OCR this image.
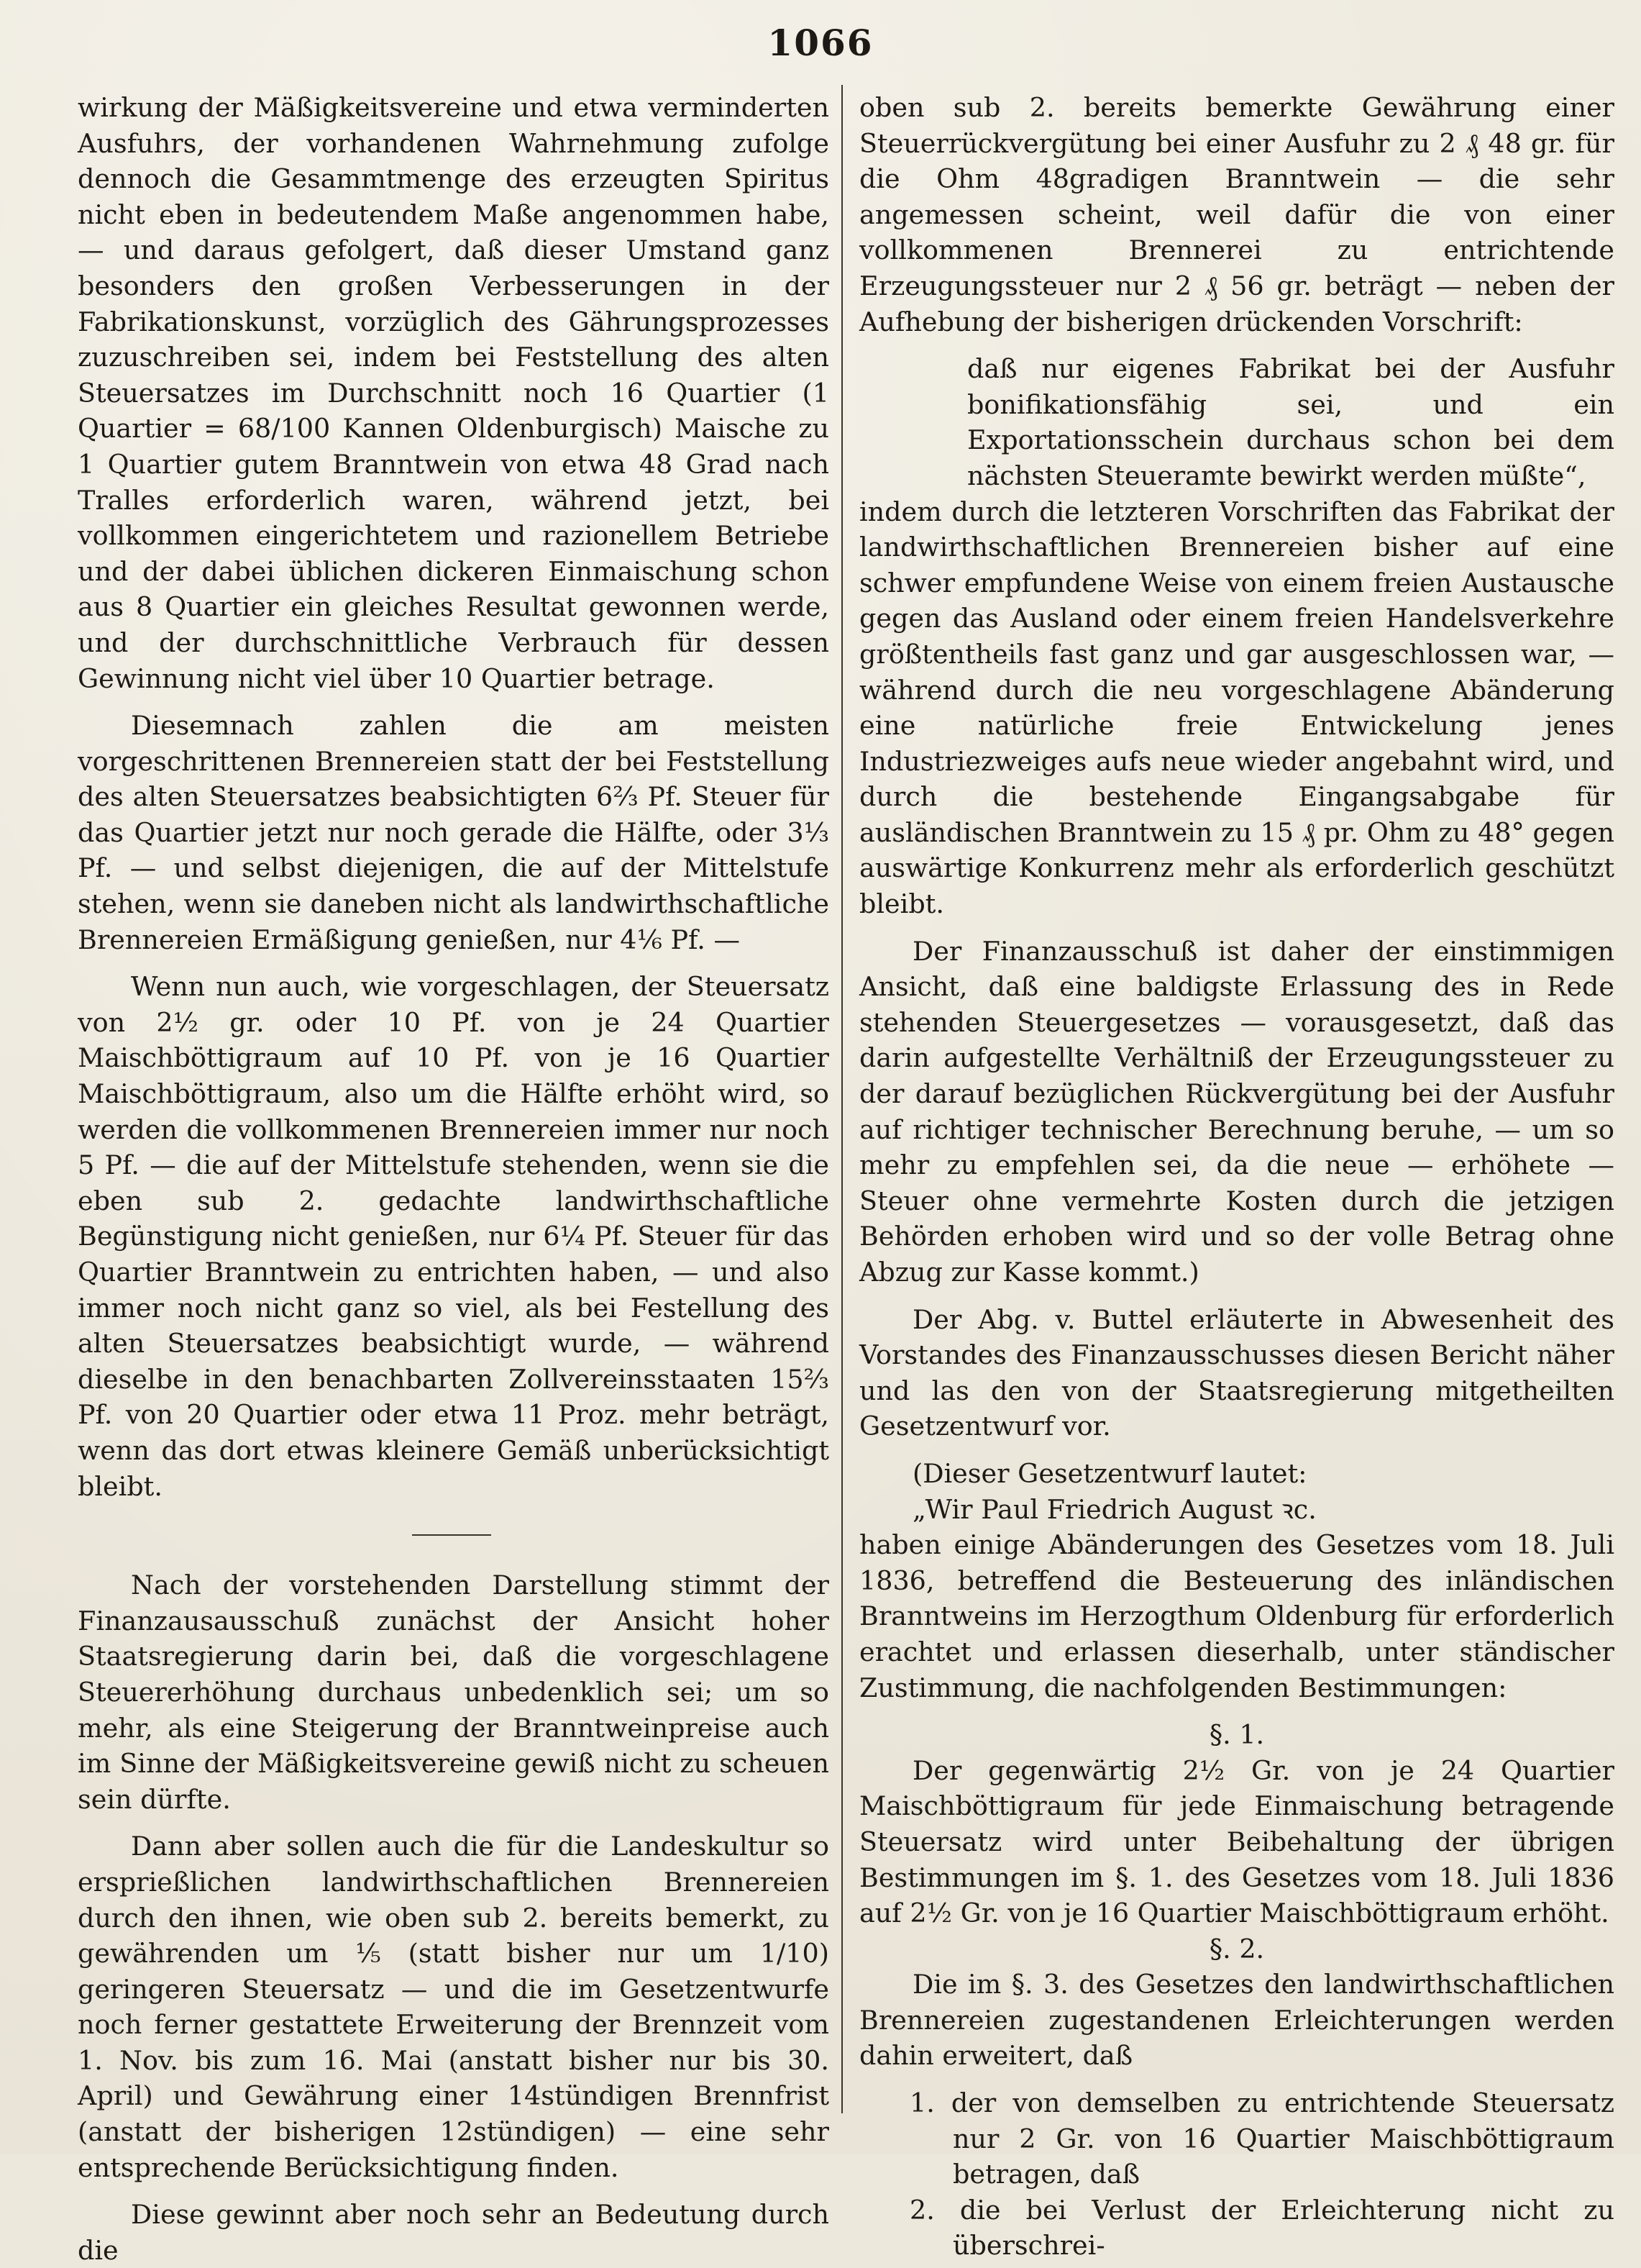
1066

wirkung der Mäßigkeitsvereine und etwa verminderten Ausfuhrs, der vorhandenen Wahrnehmung zufolge dennoch die Gesammtmenge des erzeugten Spiritus nicht eben in bedeutendem Maße angenommen habe, — und daraus gefolgert, daß dieser Umstand ganz besonders den großen Verbesserungen in der Fabrikationskunst, vorzüglich des Gährungsprozesses zuzuschreiben sei, indem bei Feststellung des alten Steuersatzes im Durchschnitt noch 16 Quartier (1 Quartier = 68/100 Kannen Oldenburgisch) Maische zu 1 Quartier gutem Branntwein von etwa 48 Grad nach Tralles erforderlich waren, während jetzt, bei vollkommen eingerichtetem und razionellem Betriebe und der dabei üblichen dickeren Einmaischung schon aus 8 Quartier ein gleiches Resultat gewonnen werde, und der durchschnittliche Verbrauch für dessen Gewinnung nicht viel über 10 Quartier betrage.

Diesemnach zahlen die am meisten vorgeschrittenen Brennereien statt der bei Feststellung des alten Steuersatzes beabsichtigten 6⅔ Pf. Steuer für das Quartier jetzt nur noch gerade die Hälfte, oder 3⅓ Pf. — und selbst diejenigen, die auf der Mittelstufe stehen, wenn sie daneben nicht als landwirthschaftliche Brennereien Ermäßigung genießen, nur 4⅙ Pf. —

Wenn nun auch, wie vorgeschlagen, der Steuersatz von 2½ gr. oder 10 Pf. von je 24 Quartier Maischböttigraum auf 10 Pf. von je 16 Quartier Maischböttigraum, also um die Hälfte erhöht wird, so werden die vollkommenen Brennereien immer nur noch 5 Pf. — die auf der Mittelstufe stehenden, wenn sie die eben sub 2. gedachte landwirthschaftliche Begünstigung nicht genießen, nur 6¼ Pf. Steuer für das Quartier Branntwein zu entrichten haben, — und also immer noch nicht ganz so viel, als bei Festellung des alten Steuersatzes beabsichtigt wurde, — während dieselbe in den benachbarten Zollvereinsstaaten 15⅔ Pf. von 20 Quartier oder etwa 11 Proz. mehr beträgt, wenn das dort etwas kleinere Gemäß unberücksichtigt bleibt.

Nach der vorstehenden Darstellung stimmt der Finanzausausschuß zunächst der Ansicht hoher Staatsregierung darin bei, daß die vorgeschlagene Steuererhöhung durchaus unbedenklich sei; um so mehr, als eine Steigerung der Branntweinpreise auch im Sinne der Mäßigkeitsvereine gewiß nicht zu scheuen sein dürfte.

Dann aber sollen auch die für die Landeskultur so ersprießlichen landwirthschaftlichen Brennereien durch den ihnen, wie oben sub 2. bereits bemerkt, zu gewährenden um ⅕ (statt bisher nur um 1/10) geringeren Steuersatz — und die im Gesetzentwurfe noch ferner gestattete Erweiterung der Brennzeit vom 1. Nov. bis zum 16. Mai (anstatt bisher nur bis 30. April) und Gewährung einer 14stündigen Brennfrist (anstatt der bisherigen 12stündigen) — eine sehr entsprechende Berücksichtigung finden.

Diese gewinnt aber noch sehr an Bedeutung durch die

oben sub 2. bereits bemerkte Gewährung einer Steuerrückvergütung bei einer Ausfuhr zu 2 ₰ 48 gr. für die Ohm 48gradigen Branntwein — die sehr angemessen scheint, weil dafür die von einer vollkommenen Brennerei zu entrichtende Erzeugungssteuer nur 2 ₰ 56 gr. beträgt — neben der Aufhebung der bisherigen drückenden Vorschrift:

daß nur eigenes Fabrikat bei der Ausfuhr bonifikationsfähig sei, und ein Exportationsschein durchaus schon bei dem nächsten Steueramte bewirkt werden müßte“,

indem durch die letzteren Vorschriften das Fabrikat der landwirthschaftlichen Brennereien bisher auf eine schwer empfundene Weise von einem freien Austausche gegen das Ausland oder einem freien Handelsverkehre größtentheils fast ganz und gar ausgeschlossen war, — während durch die neu vorgeschlagene Abänderung eine natürliche freie Entwickelung jenes Industriezweiges aufs neue wieder angebahnt wird, und durch die bestehende Eingangsabgabe für ausländischen Branntwein zu 15 ₰ pr. Ohm zu 48° gegen auswärtige Konkurrenz mehr als erforderlich geschützt bleibt.

Der Finanzausschuß ist daher der einstimmigen Ansicht, daß eine baldigste Erlassung des in Rede stehenden Steuergesetzes — vorausgesetzt, daß das darin aufgestellte Verhältniß der Erzeugungssteuer zu der darauf bezüglichen Rückvergütung bei der Ausfuhr auf richtiger technischer Berechnung beruhe, — um so mehr zu empfehlen sei, da die neue — erhöhete — Steuer ohne vermehrte Kosten durch die jetzigen Behörden erhoben wird und so der volle Betrag ohne Abzug zur Kasse kommt.)

Der Abg. v. Buttel erläuterte in Abwesenheit des Vorstandes des Finanzausschusses diesen Bericht näher und las den von der Staatsregierung mitgetheilten Gesetzentwurf vor.

(Dieser Gesetzentwurf lautet:

„Wir Paul Friedrich August ꝛc.

haben einige Abänderungen des Gesetzes vom 18. Juli 1836, betreffend die Besteuerung des inländischen Branntweins im Herzogthum Oldenburg für erforderlich erachtet und erlassen dieserhalb, unter ständischer Zustimmung, die nachfolgenden Bestimmungen:

§. 1.

Der gegenwärtig 2½ Gr. von je 24 Quartier Maischböttigraum für jede Einmaischung betragende Steuersatz wird unter Beibehaltung der übrigen Bestimmungen im §. 1. des Gesetzes vom 18. Juli 1836 auf 2½ Gr. von je 16 Quartier Maischböttigraum erhöht.

§. 2.

Die im §. 3. des Gesetzes den landwirthschaftlichen Brennereien zugestandenen Erleichterungen werden dahin erweitert, daß

1. der von demselben zu entrichtende Steuersatz nur 2 Gr. von 16 Quartier Maischböttigraum betragen, daß

2. die bei Verlust der Erleichterung nicht zu überschrei-
